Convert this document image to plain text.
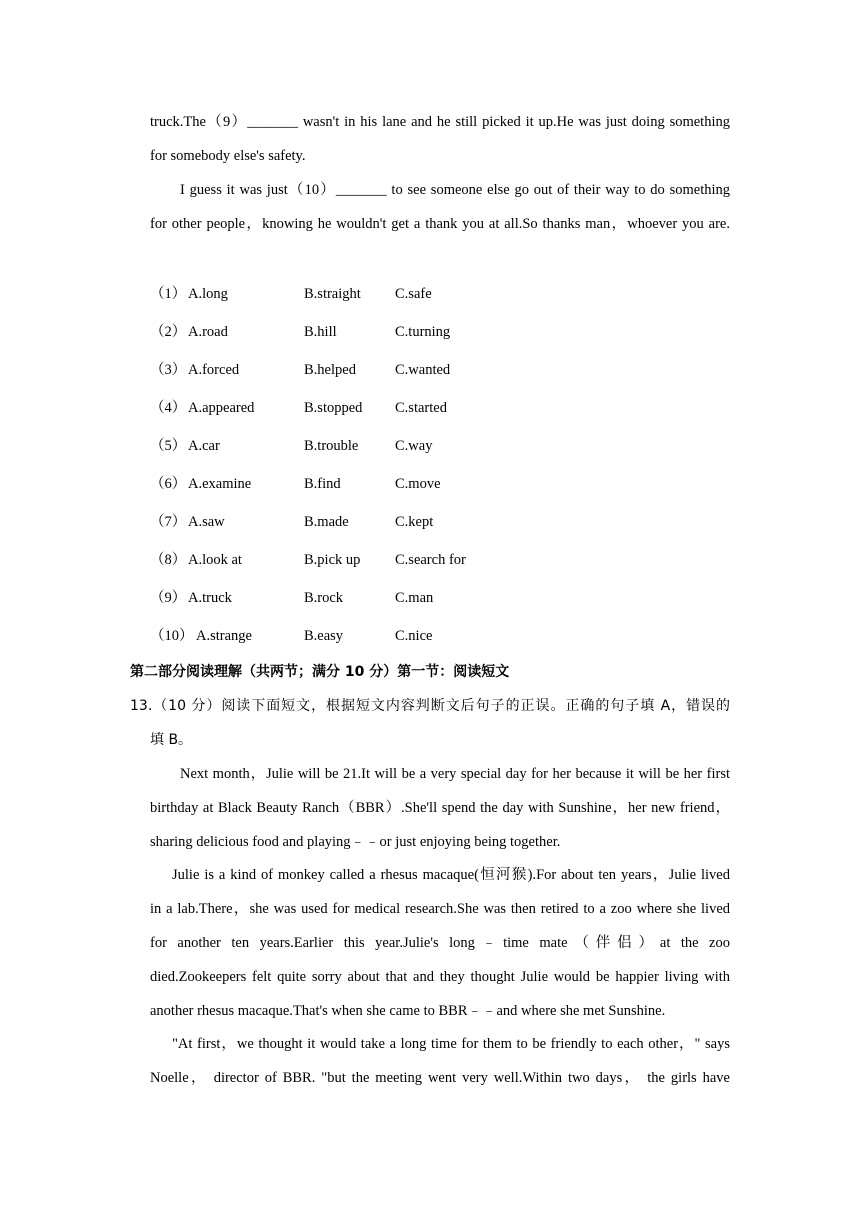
truck.The（9）_______ wasn't in his lane and he still picked it up.He was just doing something
for somebody else's safety.
I guess it was just（10）_______ to see someone else go out of their way to do something
for other people，knowing he wouldn't get a thank you at all.So thanks man，whoever you are.
（1） A.long	B.straight C.safe
（2） A.road	B.hill	C.turning
（3） A.forced	B.helped	C.wanted
（4） A.appeared	B.stopped C.started
（5） A.car	B.trouble	C.way
（6） A.examine	B.find	C.move
（7） A.saw	B.made	C.kept
（8） A.look at	B.pick up C.search for
（9） A.truck	B.rock	C.man
（10） A.strange	B.easy	C.nice
第二部分阅读理解（共两节；满分 10 分）第一节：阅读短文
13.（10 分）阅读下面短文，根据短文内容判断文后句子的正误。正确的句子填 A，错误的
填 B。
Next month，Julie will be 21.It will be a very special day for her because it will be her first
birthday at Black Beauty Ranch（BBR）.She'll spend the day with Sunshine，her new friend，
sharing delicious food and playing﹣﹣or just enjoying being together.
Julie is a kind of monkey called a rhesus macaque(恒河猴).For about ten years，Julie lived
in a lab.There，she was used for medical research.She was then retired to a zoo where she lived
for another ten years.Earlier this year.Julie's long﹣time mate（伴侣）at the zoo
died.Zookeepers felt quite sorry about that and they thought Julie would be happier living with
another rhesus macaque.That's when she came to BBR﹣﹣and where she met Sunshine.
"At first，we thought it would take a long time for them to be friendly to each other，" says
Noelle， director of BBR. "but the meeting went very well.Within two days， the girls have
